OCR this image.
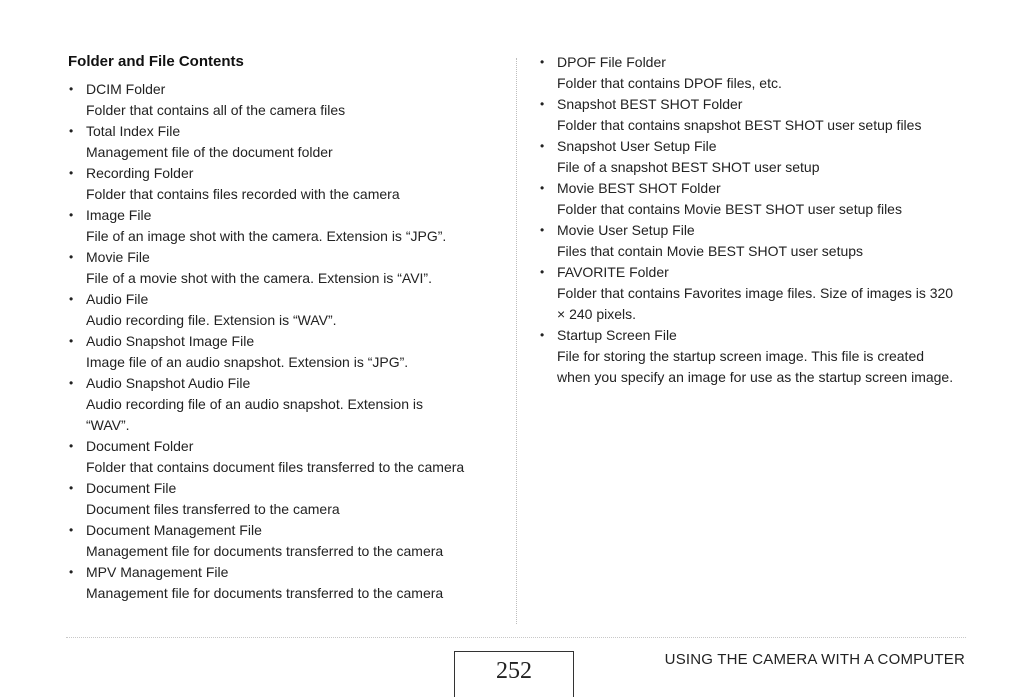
Folder and File Contents
• DCIM Folder
Folder that contains all of the camera files
• Total Index File
Management file of the document folder
• Recording Folder
Folder that contains files recorded with the camera
• Image File
File of an image shot with the camera. Extension is “JPG”.
• Movie File
File of a movie shot with the camera. Extension is “AVI”.
• Audio File
Audio recording file. Extension is “WAV”.
• Audio Snapshot Image File
Image file of an audio snapshot. Extension is “JPG”.
• Audio Snapshot Audio File
Audio recording file of an audio snapshot. Extension is “WAV”.
• Document Folder
Folder that contains document files transferred to the camera
• Document File
Document files transferred to the camera
• Document Management File
Management file for documents transferred to the camera
• MPV Management File
Management file for documents transferred to the camera
• DPOF File Folder
Folder that contains DPOF files, etc.
• Snapshot BEST SHOT Folder
Folder that contains snapshot BEST SHOT user setup files
• Snapshot User Setup File
File of a snapshot BEST SHOT user setup
• Movie BEST SHOT Folder
Folder that contains Movie BEST SHOT user setup files
• Movie User Setup File
Files that contain Movie BEST SHOT user setups
• FAVORITE Folder
Folder that contains Favorites image files. Size of images is 320 × 240 pixels.
• Startup Screen File
File for storing the startup screen image. This file is created when you specify an image for use as the startup screen image.
252	USING THE CAMERA WITH A COMPUTER
